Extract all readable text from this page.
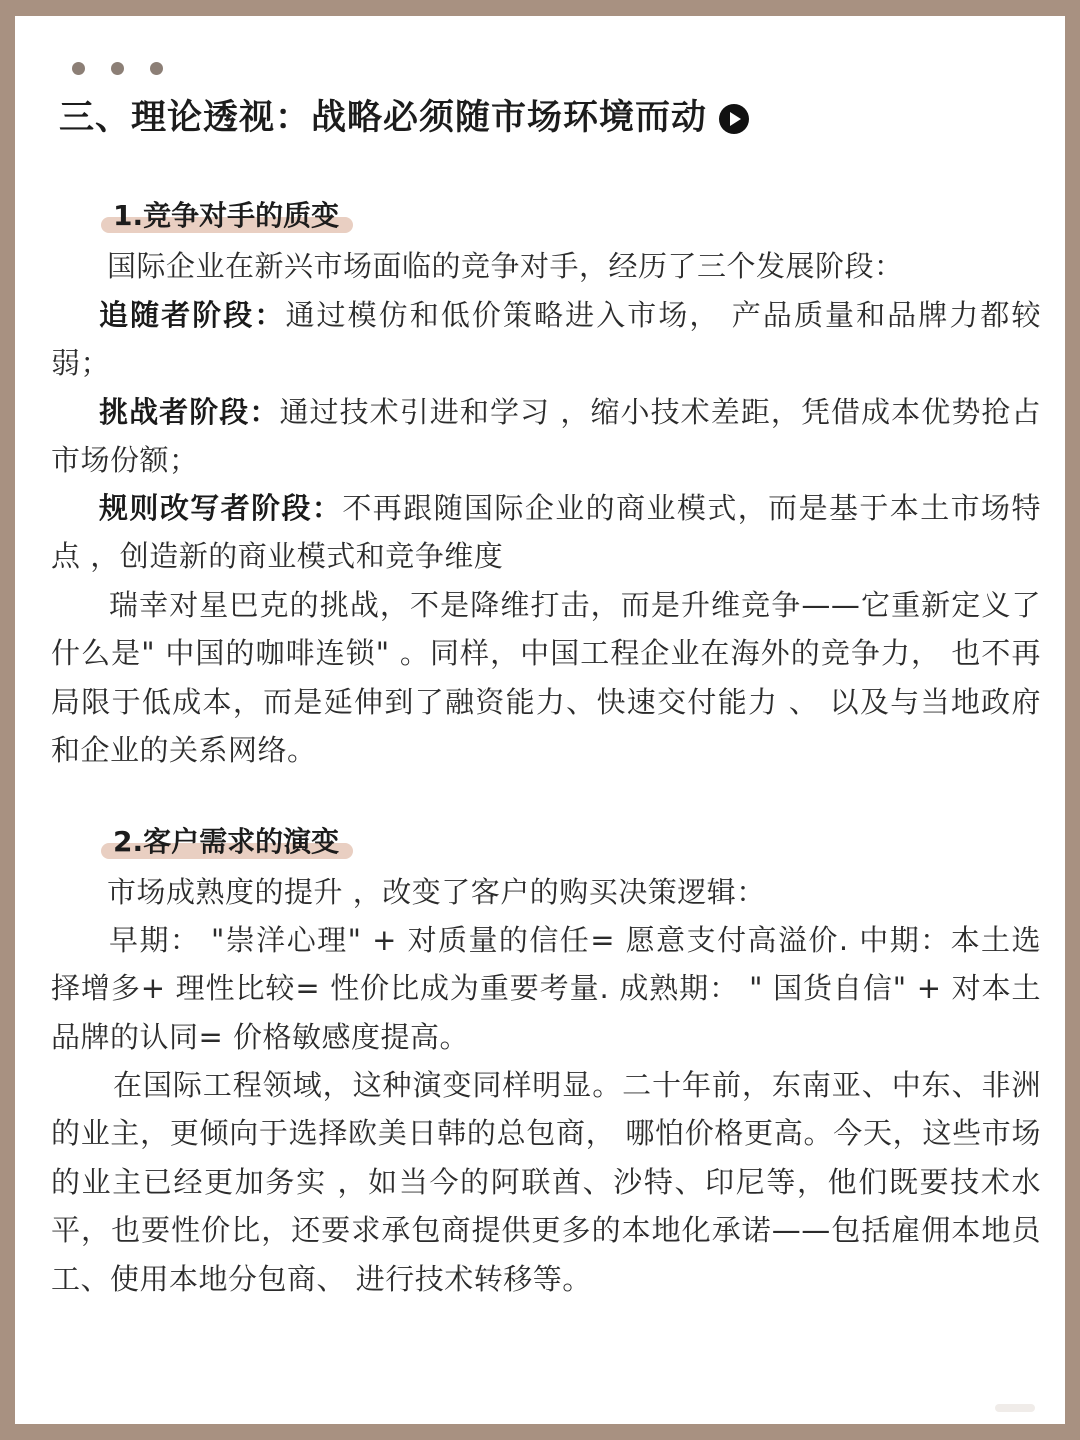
三、理论透视：战略必须随市场环境而动
1.竞争对手的质变

国际企业在新兴市场面临的竞争对手，经历了三个发展阶段：

追随者阶段：通过模仿和低价策略进入市场， 产品质量和品牌力都较弱；

挑战者阶段：通过技术引进和学习 ，缩小技术差距，凭借成本优势抢占市场份额；

规则改写者阶段：不再跟随国际企业的商业模式，而是基于本土市场特点 ，创造新的商业模式和竞争维度

瑞幸对星巴克的挑战，不是降维打击，而是升维竞争——它重新定义了什么是" 中国的咖啡连锁" 。同样，中国工程企业在海外的竞争力， 也不再局限于低成本，而是延伸到了融资能力、快速交付能力 、 以及与当地政府和企业的关系网络。

2.客户需求的演变

市场成熟度的提升 ，改变了客户的购买决策逻辑：

早期： "崇洋心理" + 对质量的信任= 愿意支付高溢价. 中期：本土选择增多+ 理性比较= 性价比成为重要考量. 成熟期： " 国货自信" + 对本土品牌的认同= 价格敏感度提高。

在国际工程领域，这种演变同样明显。二十年前，东南亚、中东、非洲的业主，更倾向于选择欧美日韩的总包商， 哪怕价格更高。今天，这些市场的业主已经更加务实 ，如当今的阿联酋、沙特、印尼等，他们既要技术水平，也要性价比，还要求承包商提供更多的本地化承诺——包括雇佣本地员工、使用本地分包商、 进行技术转移等。
